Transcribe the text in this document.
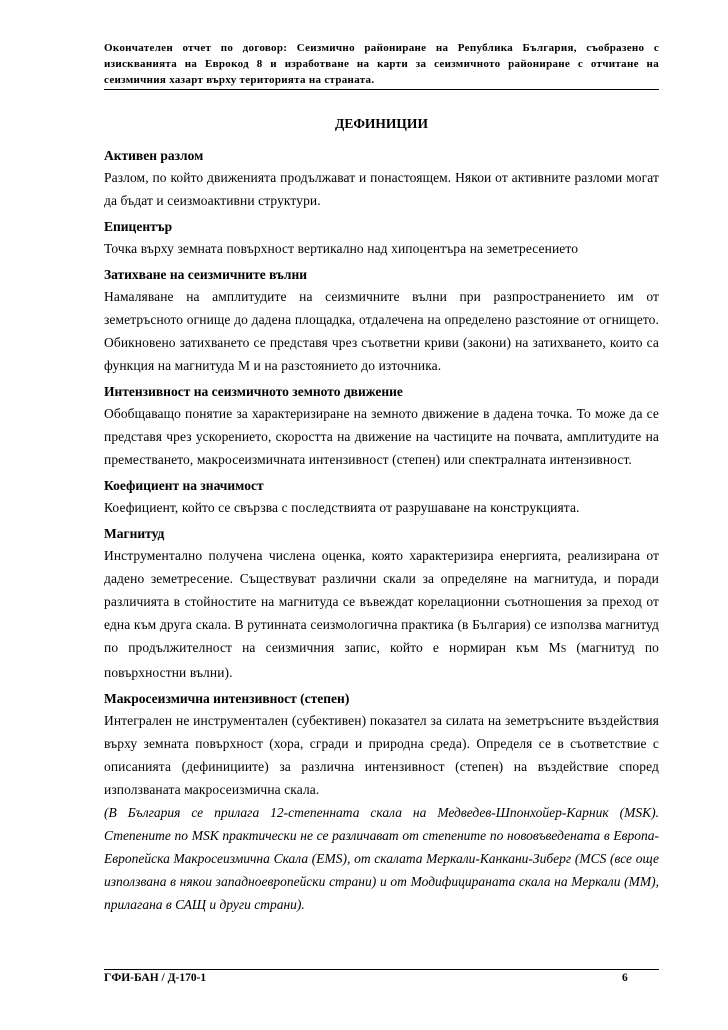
Окончателен отчет по договор: Сеизмично райониране на Република България, съобразено с изискванията на Еврокод 8 и изработване на карти за сеизмичното райониране с отчитане на сеизмичния хазарт върху територията на страната.
ДЕФИНИЦИИ
Активен разлом
Разлом, по който движенията продължават и понастоящем. Някои от активните разломи могат да бъдат и сеизмоактивни структури.
Епицентър
Точка върху земната повърхност вертикално над хипоцентъра на земетресението
Затихване на сеизмичните вълни
Намаляване на амплитудите на сеизмичните вълни при разпространението им от земетръсното огнище до дадена площадка, отдалечена на определено разстояние от огнището. Обикновено затихването се представя чрез съответни криви (закони) на затихването, които са функция на магнитуда М и на разстоянието до източника.
Интензивност на сеизмичното земното движение
Обобщаващо понятие за характеризиране на земното движение в дадена точка. То може да се представя чрез ускорението, скоростта на движение на частиците на почвата, амплитудите на преместването, макросеизмичната интензивност (степен) или спектралната интензивност.
Коефициент на значимост
Коефициент, който се свързва с последствията от разрушаване на конструкцията.
Магнитуд
Инструментално получена числена оценка, която характеризира енергията, реализирана от дадено земетресение. Съществуват различни скали за определяне на магнитуда, и поради различията в стойностите на магнитуда се въвеждат корелационни съотношения за преход от една към друга скала. В рутинната сеизмологична практика (в България) се използва магнитуд по продължителност на сеизмичния запис, който е нормиран към МS (магнитуд по повърхностни вълни).
Макросеизмична интензивност (степен)
Интегрален не инструментален (субективен) показател за силата на земетръсните въздействия върху земната повърхност (хора, сгради и природна среда). Определя се в съответствие с описанията (дефинициите) за различна интензивност (степен) на въздействие според използваната макросеизмична скала.
(В България се прилага 12-степенната скала на Медведев-Шпонхойер-Карник (MSK). Степените по MSK практически не се различават от степените по нововъведената в Европа- Европейска Макросеизмична Скала (EMS), от скалата Меркали-Канкани-Зиберг (MCS (все още използвана в някои западноевропейски страни) и от Модифицираната скала на Меркали (ММ), прилагана в САЩ и други страни).
ГФИ-БАН / Д-170-1	6
